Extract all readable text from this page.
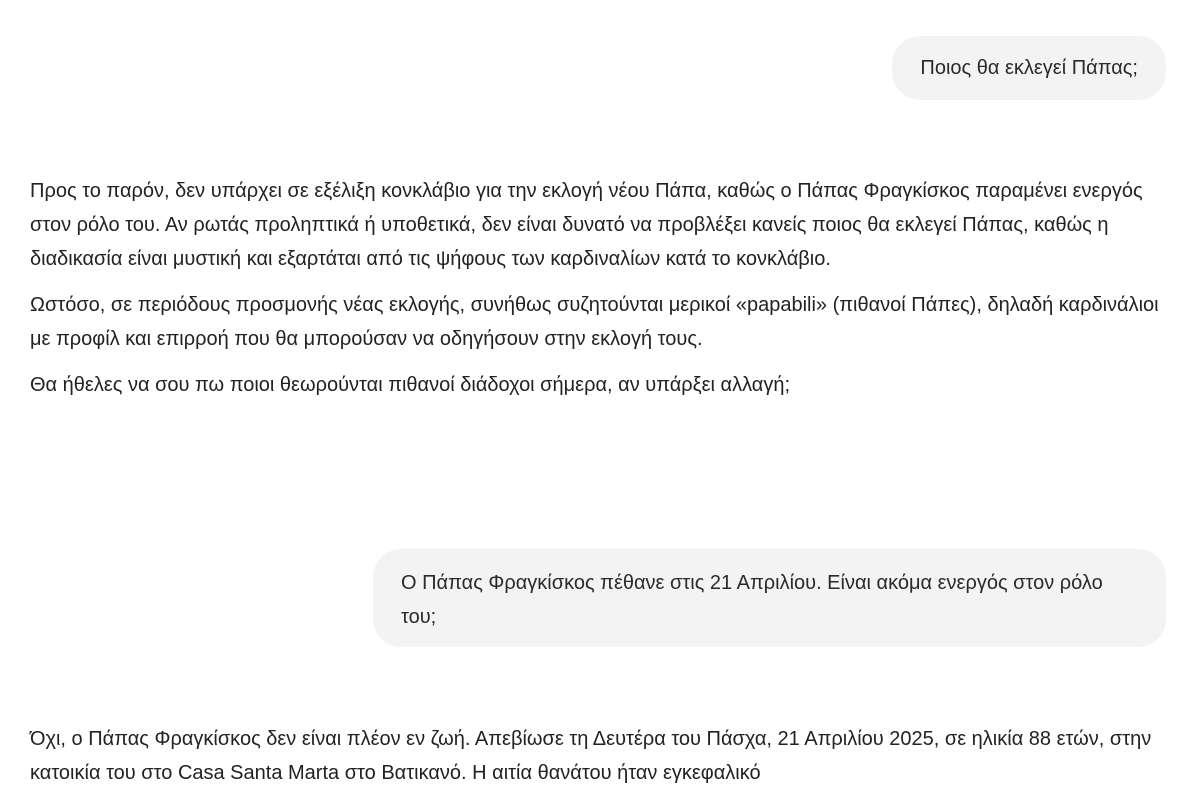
Ποιος θα εκλεγεί Πάπας;

Προς το παρόν, δεν υπάρχει σε εξέλιξη κονκλάβιο για την εκλογή νέου Πάπα, καθώς ο Πάπας Φραγκίσκος παραμένει ενεργός στον ρόλο του. Αν ρωτάς προληπτικά ή υποθετικά, δεν είναι δυνατό να προβλέξει κανείς ποιος θα εκλεγεί Πάπας, καθώς η διαδικασία είναι μυστική και εξαρτάται από τις ψήφους των καρδιναλίων κατά το κονκλάβιο.

Ωστόσο, σε περιόδους προσμονής νέας εκλογής, συνήθως συζητούνται μερικοί «papabili» (πιθανοί Πάπες), δηλαδή καρδινάλιοι με προφίλ και επιρροή που θα μπορούσαν να οδηγήσουν στην εκλογή τους.

Θα ήθελες να σου πω ποιοι θεωρούνται πιθανοί διάδοχοι σήμερα, αν υπάρξει αλλαγή;

Ο Πάπας Φραγκίσκος πέθανε στις 21 Απριλίου. Είναι ακόμα ενεργός στον ρόλο του;

Όχι, ο Πάπας Φραγκίσκος δεν είναι πλέον εν ζωή. Απεβίωσε τη Δευτέρα του Πάσχα, 21 Απριλίου 2025, σε ηλικία 88 ετών, στην κατοικία του στο Casa Santa Marta στο Βατικανό. Η αιτία θανάτου ήταν εγκεφαλικό
